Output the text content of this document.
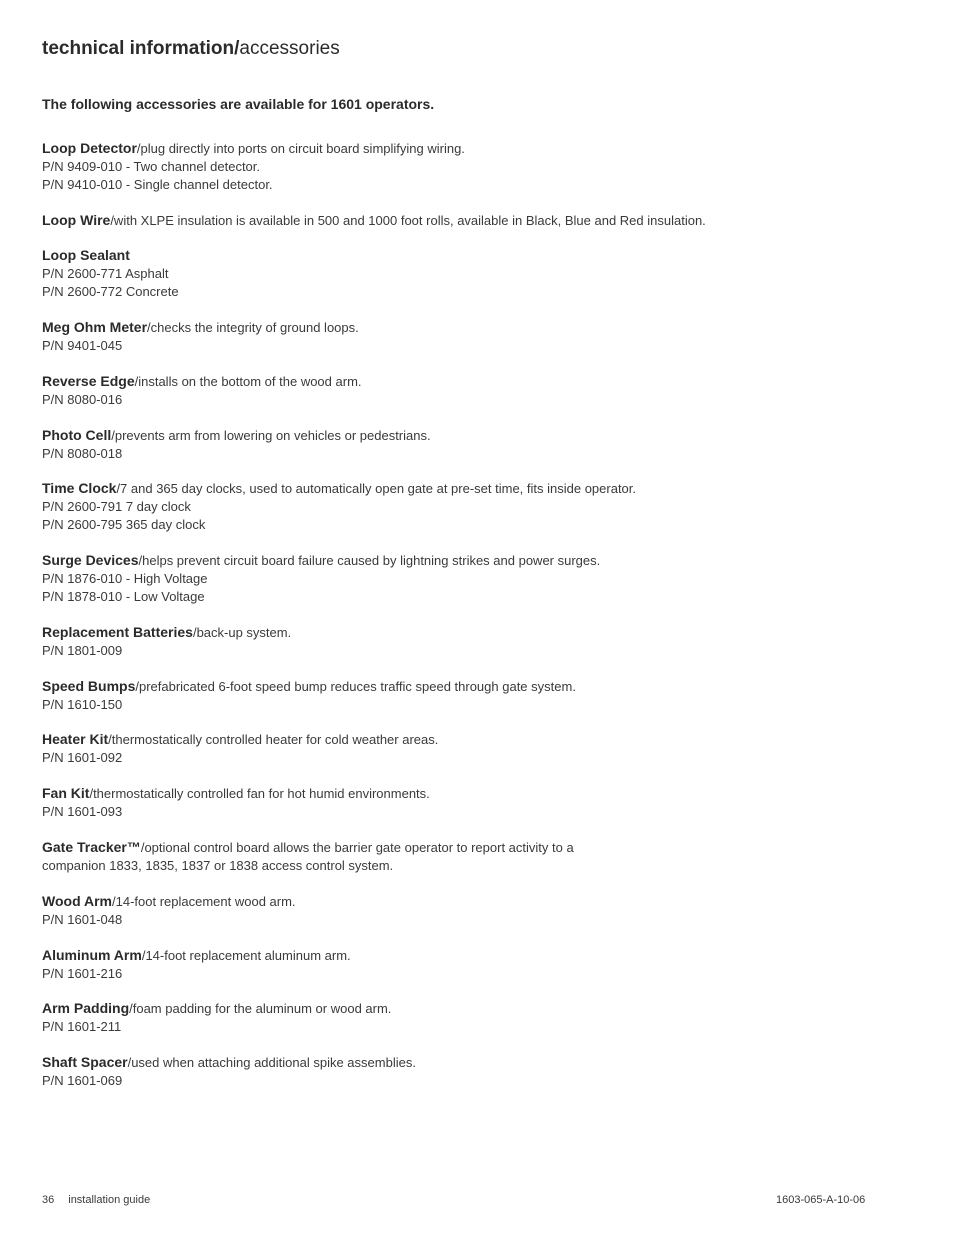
technical information/accessories

The following accessories are available for 1601 operators.

Loop Detector/plug directly into ports on circuit board simplifying wiring.
P/N 9409-010 - Two channel detector.
P/N 9410-010 - Single channel detector.
Loop Wire/with XLPE insulation is available in 500 and 1000 foot rolls, available in Black, Blue and Red insulation.
Loop Sealant
P/N 2600-771 Asphalt
P/N 2600-772 Concrete
Meg Ohm Meter/checks the integrity of ground loops.
P/N 9401-045
Reverse Edge/installs on the bottom of the wood arm.
P/N 8080-016
Photo Cell/prevents arm from lowering on vehicles or pedestrians.
P/N 8080-018
Time Clock/7 and 365 day clocks, used to automatically open gate at pre-set time, fits inside operator.
P/N 2600-791 7 day clock
P/N 2600-795 365 day clock
Surge Devices/helps prevent circuit board failure caused by lightning strikes and power surges.
P/N 1876-010 - High Voltage
P/N 1878-010 - Low Voltage
Replacement Batteries/back-up system.
P/N 1801-009
Speed Bumps/prefabricated 6-foot speed bump reduces traffic speed through gate system.
P/N 1610-150
Heater Kit/thermostatically controlled heater for cold weather areas.
P/N 1601-092
Fan Kit/thermostatically controlled fan for hot humid environments.
P/N 1601-093
Gate Tracker™/optional control board allows the barrier gate operator to report activity to a
companion 1833, 1835, 1837 or 1838 access control system.
Wood Arm/14-foot replacement wood arm.
P/N 1601-048
Aluminum Arm/14-foot replacement aluminum arm.
P/N 1601-216
Arm Padding/foam padding for the aluminum or wood arm.
P/N 1601-211
Shaft Spacer/used when attaching additional spike assemblies.
P/N 1601-069
36 installation guide	1603-065-A-10-06
